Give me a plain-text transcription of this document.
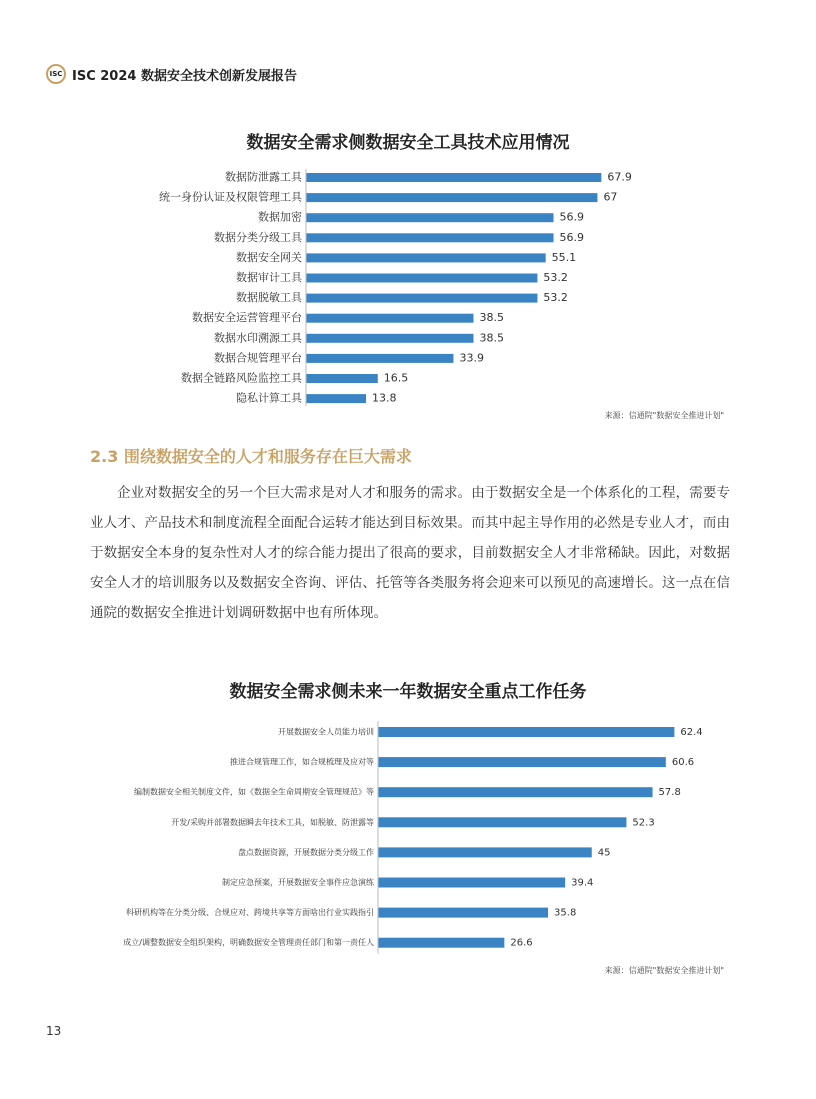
ISC ISC 2024 数据安全技术创新发展报告
数据安全需求侧数据安全工具技术应用情况
数据防泄露工具	67.9
统一身份认证及权限管理工具	67
数据加密	56.9
数据分类分级工具	56.9
数据安全网关	55.1
数据审计工具	53.2
数据脱敏工具	53.2
数据安全运营管理平台	38.5
数据水印溯源工具	38.5
数据合规管理平台	33.9
数据全链路风险监控工具	16.5
隐私计算工具	13.8
来源：信通院"数据安全推进计划"
2.3 围绕数据安全的人才和服务存在巨大需求
企业对数据安全的另一个巨大需求是对人才和服务的需求。由于数据安全是一个体系化的工程，需要专业人才、产品技术和制度流程全面配合运转才能达到目标效果。而其中起主导作用的必然是专业人才，而由于数据安全本身的复杂性对人才的综合能力提出了很高的要求，目前数据安全人才非常稀缺。因此，对数据安全人才的培训服务以及数据安全咨询、评估、托管等各类服务将会迎来可以预见的高速增长。这一点在信通院的数据安全推进计划调研数据中也有所体现。
数据安全需求侧未来一年数据安全重点工作任务
开展数据安全人员能力培训	62.4
推进合规管理工作，如合规梳理及应对等	60.6
编制数据安全相关制度文件，如《数据全生命周期安全管理规范》等	57.8
开发/采购并部署数据瞬去年技术工具，如脱敏、防泄露等	52.3
盘点数据资源，开展数据分类分级工作	45
制定应急预案，开展数据安全事件应急演练	39.4
科研机构等在分类分级、合规应对、跨境共享等方面啥出行业实践指引	35.8
成立/调整数据安全组织架构，明确数据安全管理责任部门和第一责任人	26.6
来源：信通院"数据安全推进计划"
13
